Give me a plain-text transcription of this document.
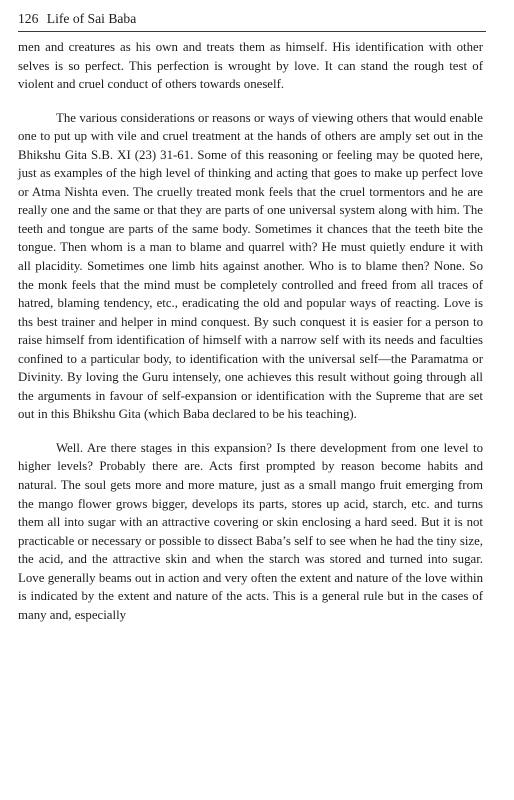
126 Life of Sai Baba

men and creatures as his own and treats them as himself. His identification with other selves is so perfect. This perfection is wrought by love. It can stand the rough test of violent and cruel conduct of others towards oneself.

The various considerations or reasons or ways of viewing others that would enable one to put up with vile and cruel treatment at the hands of others are amply set out in the Bhikshu Gita S.B. XI (23) 31-61. Some of this reasoning or feeling may be quoted here, just as examples of the high level of thinking and acting that goes to make up perfect love or Atma Nishta even. The cruelly treated monk feels that the cruel tormentors and he are really one and the same or that they are parts of one universal system along with him. The teeth and tongue are parts of the same body. Sometimes it chances that the teeth bite the tongue. Then whom is a man to blame and quarrel with? He must quietly endure it with all placidity. Sometimes one limb hits against another. Who is to blame then? None. So the monk feels that the mind must be completely controlled and freed from all traces of hatred, blaming tendency, etc., eradicating the old and popular ways of reacting. Love is ths best trainer and helper in mind conquest. By such conquest it is easier for a person to raise himself from identification of himself with a narrow self with its needs and faculties confined to a particular body, to identification with the universal self—the Paramatma or Divinity. By loving the Guru intensely, one achieves this result without going through all the arguments in favour of self-expansion or identification with the Supreme that are set out in this Bhikshu Gita (which Baba declared to be his teaching).

Well. Are there stages in this expansion? Is there development from one level to higher levels? Probably there are. Acts first prompted by reason become habits and natural. The soul gets more and more mature, just as a small mango fruit emerging from the mango flower grows bigger, develops its parts, stores up acid, starch, etc. and turns them all into sugar with an attractive covering or skin enclosing a hard seed. But it is not practicable or necessary or possible to dissect Baba’s self to see when he had the tiny size, the acid, and the attractive skin and when the starch was stored and turned into sugar. Love generally beams out in action and very often the extent and nature of the love within is indicated by the extent and nature of the acts. This is a general rule but in the cases of many and, especially
